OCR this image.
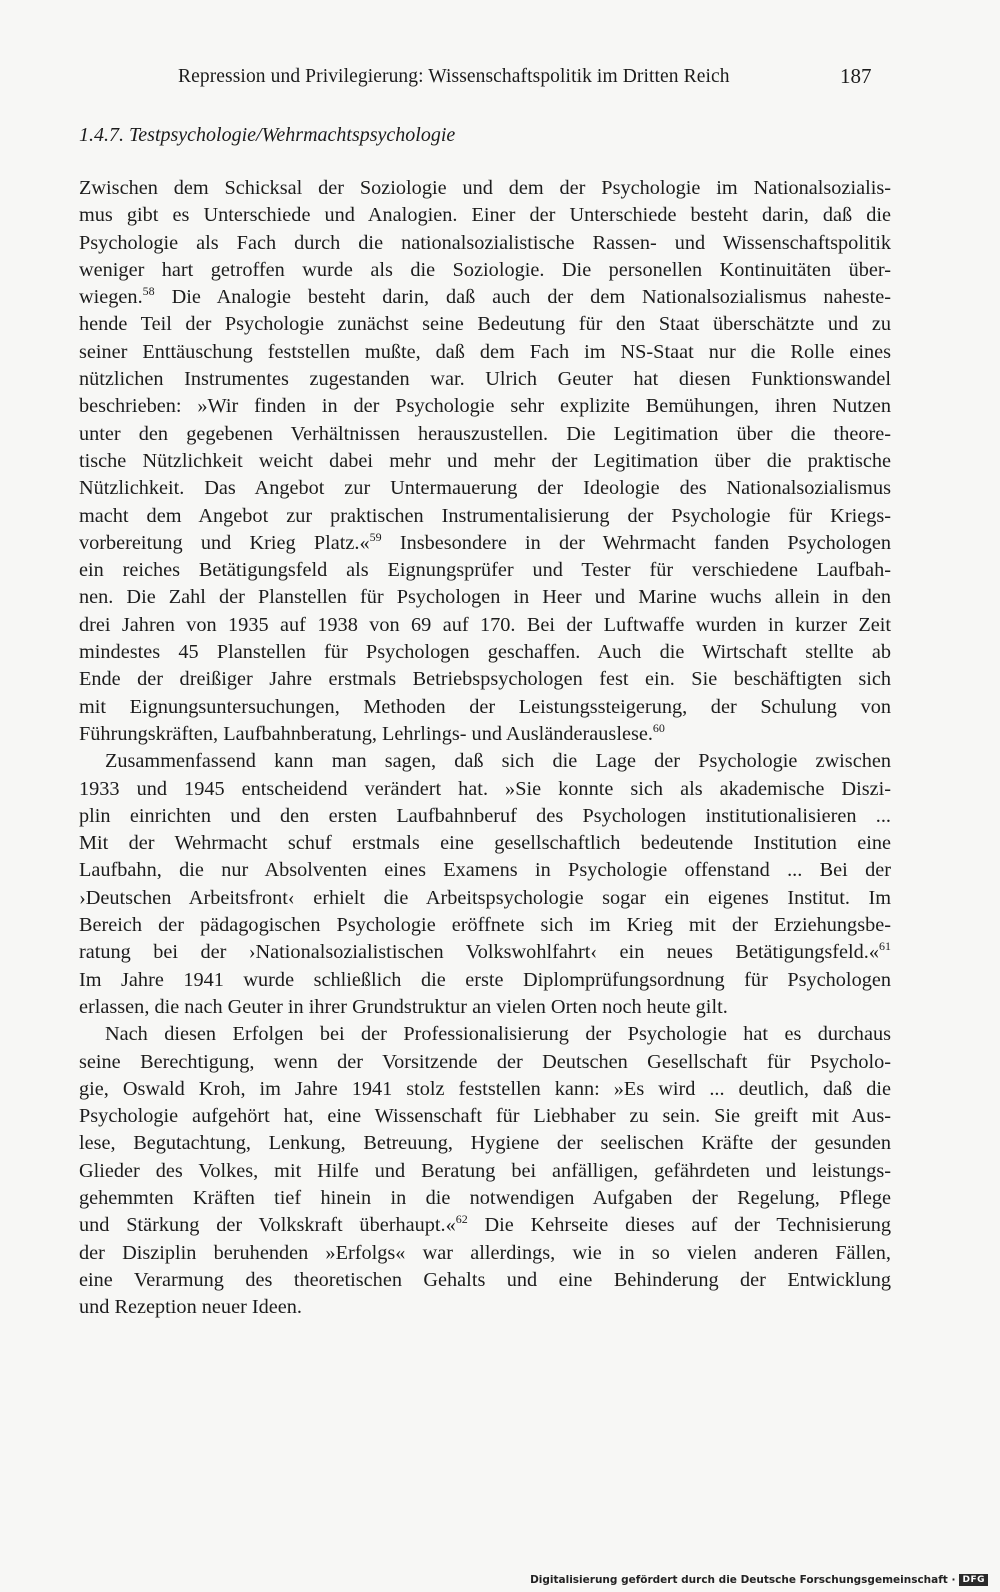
Repression und Privilegierung: Wissenschaftspolitik im Dritten Reich	187
1.4.7. Testpsychologie/Wehrmachtspsychologie
Zwischen dem Schicksal der Soziologie und dem der Psychologie im Nationalsozialis-
mus gibt es Unterschiede und Analogien. Einer der Unterschiede besteht darin, daß die
Psychologie als Fach durch die nationalsozialistische Rassen- und Wissenschaftspolitik
weniger hart getroffen wurde als die Soziologie. Die personellen Kontinuitäten über-
wiegen.$^{58}$ Die Analogie besteht darin, daß auch der dem Nationalsozialismus naheste-
hende Teil der Psychologie zunächst seine Bedeutung für den Staat überschätzte und zu
seiner Enttäuschung feststellen mußte, daß dem Fach im NS-Staat nur die Rolle eines
nützlichen Instrumentes zugestanden war. Ulrich Geuter hat diesen Funktionswandel
beschrieben: »Wir finden in der Psychologie sehr explizite Bemühungen, ihren Nutzen
unter den gegebenen Verhältnissen herauszustellen. Die Legitimation über die theore-
tische Nützlichkeit weicht dabei mehr und mehr der Legitimation über die praktische
Nützlichkeit. Das Angebot zur Untermauerung der Ideologie des Nationalsozialismus
macht dem Angebot zur praktischen Instrumentalisierung der Psychologie für Kriegs-
vorbereitung und Krieg Platz.«$^{59}$ Insbesondere in der Wehrmacht fanden Psychologen
ein reiches Betätigungsfeld als Eignungsprüfer und Tester für verschiedene Laufbah-
nen. Die Zahl der Planstellen für Psychologen in Heer und Marine wuchs allein in den
drei Jahren von 1935 auf 1938 von 69 auf 170. Bei der Luftwaffe wurden in kurzer Zeit
mindestes 45 Planstellen für Psychologen geschaffen. Auch die Wirtschaft stellte ab
Ende der dreißiger Jahre erstmals Betriebspsychologen fest ein. Sie beschäftigten sich
mit Eignungsuntersuchungen, Methoden der Leistungssteigerung, der Schulung von
Führungskräften, Laufbahnberatung, Lehrlings- und Ausländerauslese.$^{60}$
Zusammenfassend kann man sagen, daß sich die Lage der Psychologie zwischen
1933 und 1945 entscheidend verändert hat. »Sie konnte sich als akademische Diszi-
plin einrichten und den ersten Laufbahnberuf des Psychologen institutionalisieren ...
Mit der Wehrmacht schuf erstmals eine gesellschaftlich bedeutende Institution eine
Laufbahn, die nur Absolventen eines Examens in Psychologie offenstand ... Bei der
›Deutschen Arbeitsfront‹ erhielt die Arbeitspsychologie sogar ein eigenes Institut. Im
Bereich der pädagogischen Psychologie eröffnete sich im Krieg mit der Erziehungsbe-
ratung bei der ›Nationalsozialistischen Volkswohlfahrt‹ ein neues Betätigungsfeld.«$^{61}$
Im Jahre 1941 wurde schließlich die erste Diplomprüfungsordnung für Psychologen
erlassen, die nach Geuter in ihrer Grundstruktur an vielen Orten noch heute gilt.
Nach diesen Erfolgen bei der Professionalisierung der Psychologie hat es durchaus
seine Berechtigung, wenn der Vorsitzende der Deutschen Gesellschaft für Psycholo-
gie, Oswald Kroh, im Jahre 1941 stolz feststellen kann: »Es wird ... deutlich, daß die
Psychologie aufgehört hat, eine Wissenschaft für Liebhaber zu sein. Sie greift mit Aus-
lese, Begutachtung, Lenkung, Betreuung, Hygiene der seelischen Kräfte der gesunden
Glieder des Volkes, mit Hilfe und Beratung bei anfälligen, gefährdeten und leistungs-
gehemmten Kräften tief hinein in die notwendigen Aufgaben der Regelung, Pflege
und Stärkung der Volkskraft überhaupt.«$^{62}$ Die Kehrseite dieses auf der Technisierung
der Disziplin beruhenden »Erfolgs« war allerdings, wie in so vielen anderen Fällen,
eine Verarmung des theoretischen Gehalts und eine Behinderung der Entwicklung
und Rezeption neuer Ideen.
Digitalisierung gefördert durch die Deutsche Forschungsgemeinschaft · DFG
